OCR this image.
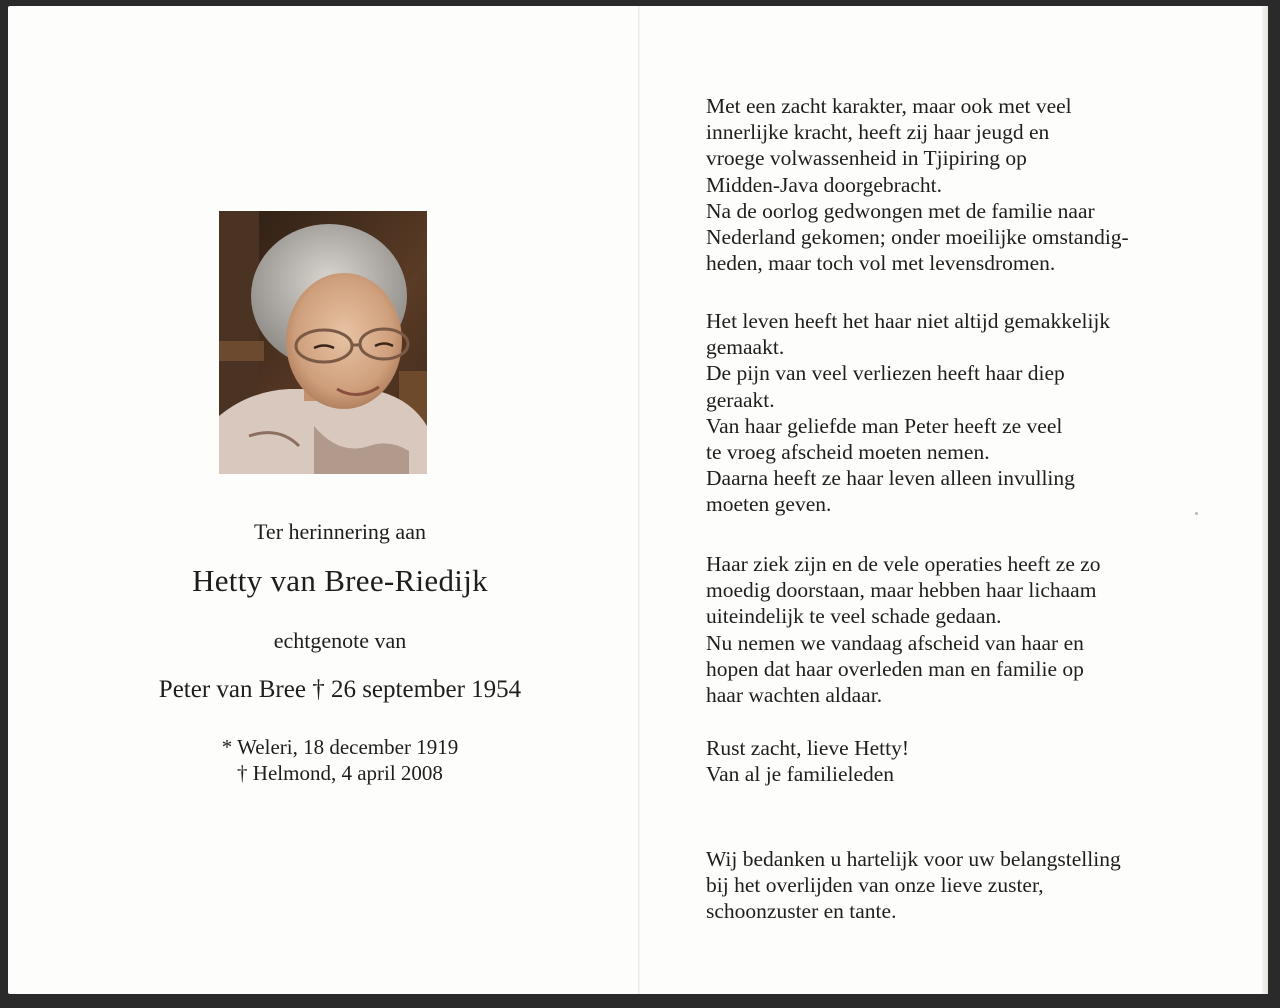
Ter herinnering aan
Hetty van Bree-Riedijk
echtgenote van
Peter van Bree † 26 september 1954
* Weleri, 18 december 1919
† Helmond, 4 april 2008
Met een zacht karakter, maar ook met veel
innerlijke kracht, heeft zij haar jeugd en
vroege volwassenheid in Tjipiring op
Midden-Java doorgebracht.
Na de oorlog gedwongen met de familie naar
Nederland gekomen; onder moeilijke omstandig-
heden, maar toch vol met levensdromen.
Het leven heeft het haar niet altijd gemakkelijk
gemaakt.
De pijn van veel verliezen heeft haar diep
geraakt.
Van haar geliefde man Peter heeft ze veel
te vroeg afscheid moeten nemen.
Daarna heeft ze haar leven alleen invulling
moeten geven.
Haar ziek zijn en de vele operaties heeft ze zo
moedig doorstaan, maar hebben haar lichaam
uiteindelijk te veel schade gedaan.
Nu nemen we vandaag afscheid van haar en
hopen dat haar overleden man en familie op
haar wachten aldaar.
Rust zacht, lieve Hetty!
Van al je familieleden
Wij bedanken u hartelijk voor uw belangstelling
bij het overlijden van onze lieve zuster,
schoonzuster en tante.
